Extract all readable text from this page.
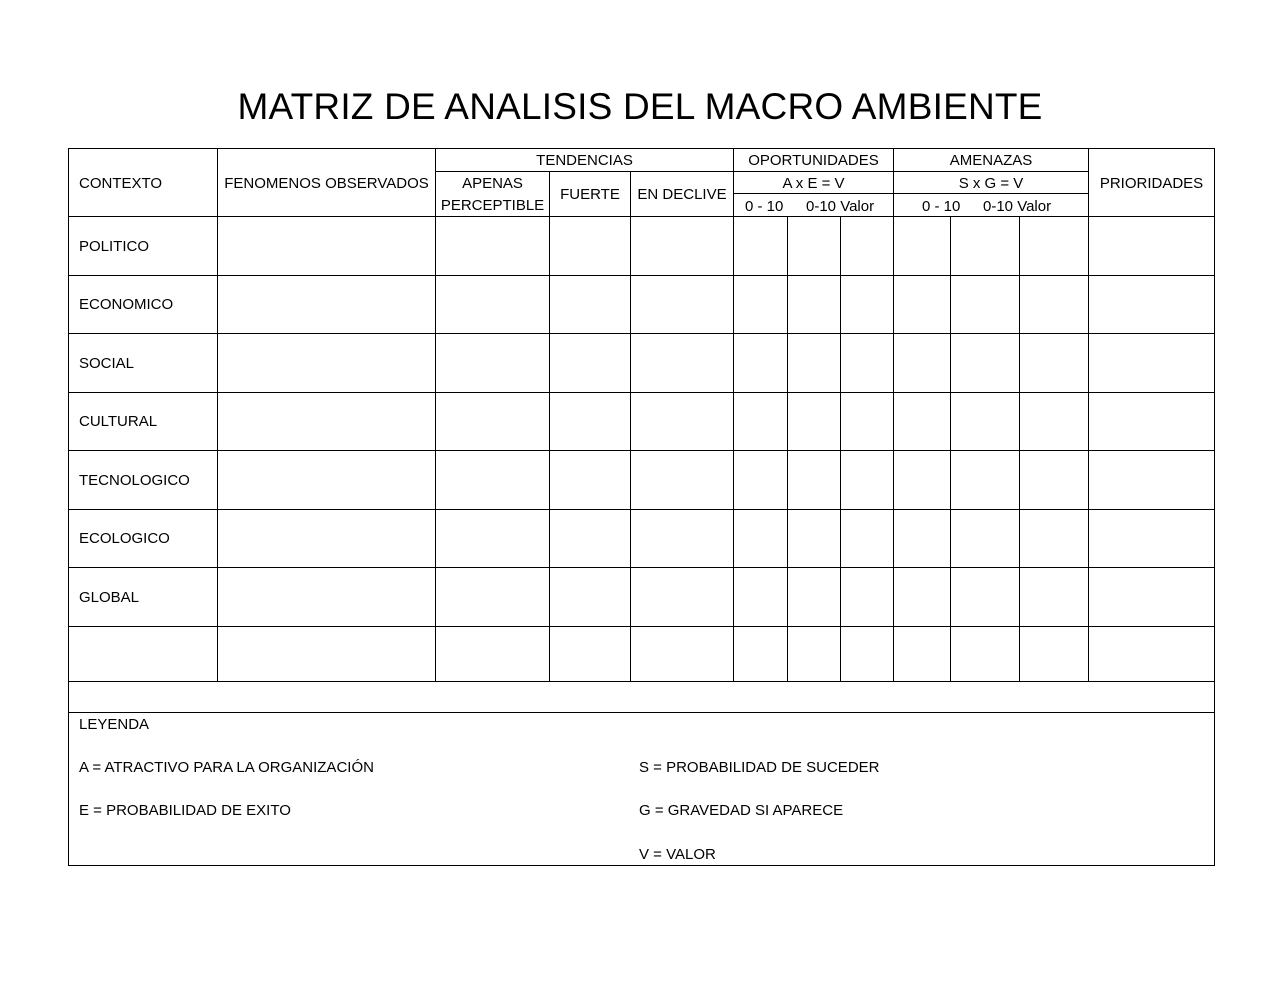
MATRIZ DE ANALISIS DEL MACRO AMBIENTE
CONTEXTO	FENOMENOS OBSERVADOS
TENDENCIAS
APENAS
PERCEPTIBLE
FUERTE	EN DECLIVE
OPORTUNIDADES
A x E = V
0 - 10 0-10 Valor
AMENAZAS
S x G = V
0 - 10 0-10 Valor
PRIORIDADES
POLITICO
ECONOMICO
SOCIAL
CULTURAL
TECNOLOGICO
ECOLOGICO
GLOBAL
LEYENDA
A = ATRACTIVO PARA LA ORGANIZACIÓN
E = PROBABILIDAD DE EXITO
S = PROBABILIDAD DE SUCEDER
G = GRAVEDAD SI APARECE
V = VALOR
